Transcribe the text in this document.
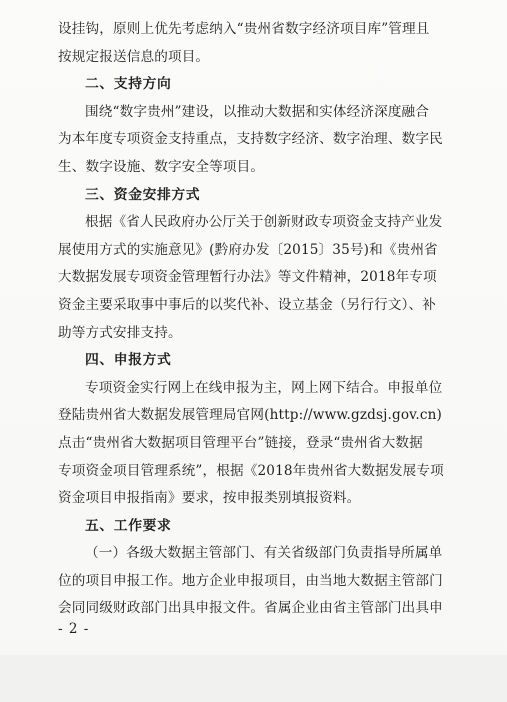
设挂钩，原则上优先考虑纳入“贵州省数字经济项目库”管理且
按规定报送信息的项目。
二、支持方向
围绕“数字贵州”建设，以推动大数据和实体经济深度融合
为本年度专项资金支持重点，支持数字经济、数字治理、数字民
生、数字设施、数字安全等项目。
三、资金安排方式
根据《省人民政府办公厅关于创新财政专项资金支持产业发
展使用方式的实施意见》(黔府办发〔2015〕35号)和《贵州省
大数据发展专项资金管理暂行办法》等文件精神，2018年专项
资金主要采取事中事后的以奖代补、设立基金（另行行文）、补
助等方式安排支持。
四、申报方式
专项资金实行网上在线申报为主，网上网下结合。申报单位
登陆贵州省大数据发展管理局官网(http://www.gzdsj.gov.cn)
点击“贵州省大数据项目管理平台”链接，登录“贵州省大数据
专项资金项目管理系统”，根据《2018年贵州省大数据发展专项
资金项目申报指南》要求，按申报类别填报资料。
五、工作要求
（一）各级大数据主管部门、有关省级部门负责指导所属单
位的项目申报工作。地方企业申报项目，由当地大数据主管部门
会同同级财政部门出具申报文件。省属企业由省主管部门出具申
- 2 -
